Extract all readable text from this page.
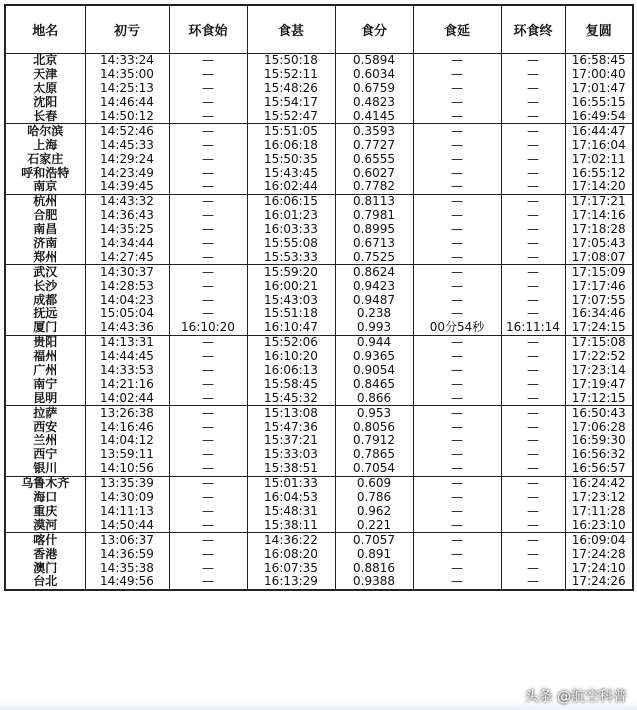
地名	初亏	环食始	食甚	食分	食延	环食终	复圆
北京	14:33:24	—	15:50:18	0.5894	—	—	16:58:45
天津	14:35:00	—	15:52:11	0.6034	—	—	17:00:40
太原	14:25:13	—	15:48:26	0.6759	—	—	17:01:47
沈阳	14:46:44	—	15:54:17	0.4823	—	—	16:55:15
长春	14:50:12	—	15:52:47	0.4145	—	—	16:49:54
哈尔滨	14:52:46	—	15:51:05	0.3593	—	—	16:44:47
上海	14:45:33	—	16:06:18	0.7727	—	—	17:16:04
石家庄	14:29:24	—	15:50:35	0.6555	—	—	17:02:11
呼和浩特	14:23:49	—	15:43:45	0.6027	—	—	16:55:12
南京	14:39:45	—	16:02:44	0.7782	—	—	17:14:20
杭州	14:43:32	—	16:06:15	0.8113	—	—	17:17:21
合肥	14:36:43	—	16:01:23	0.7981	—	—	17:14:16
南昌	14:35:25	—	16:03:33	0.8995	—	—	17:18:28
济南	14:34:44	—	15:55:08	0.6713	—	—	17:05:43
郑州	14:27:45	—	15:53:33	0.7525	—	—	17:08:07
武汉	14:30:37	—	15:59:20	0.8624	—	—	17:15:09
长沙	14:28:53	—	16:00:21	0.9423	—	—	17:17:46
成都	14:04:23	—	15:43:03	0.9487	—	—	17:07:55
抚远	15:05:04	—	15:51:18	0.238	—	—	16:34:46
厦门	14:43:36	16:10:20	16:10:47	0.993	00分54秒	16:11:14	17:24:15
贵阳	14:13:31	—	15:52:06	0.944	—	—	17:15:08
福州	14:44:45	—	16:10:20	0.9365	—	—	17:22:52
广州	14:33:53	—	16:06:13	0.9054	—	—	17:23:14
南宁	14:21:16	—	15:58:45	0.8465	—	—	17:19:47
昆明	14:02:44	—	15:45:32	0.866	—	—	17:12:15
拉萨	13:26:38	—	15:13:08	0.953	—	—	16:50:43
西安	14:16:46	—	15:47:36	0.8056	—	—	17:06:28
兰州	14:04:12	—	15:37:21	0.7912	—	—	16:59:30
西宁	13:59:11	—	15:33:03	0.7865	—	—	16:56:32
银川	14:10:56	—	15:38:51	0.7054	—	—	16:56:57
乌鲁木齐	13:35:39	—	15:01:33	0.609	—	—	16:24:42
海口	14:30:09	—	16:04:53	0.786	—	—	17:23:12
重庆	14:11:13	—	15:48:31	0.962	—	—	17:11:28
漠河	14:50:44	—	15:38:11	0.221	—	—	16:23:10
喀什	13:06:37	—	14:36:22	0.7057	—	—	16:09:04
香港	14:36:59	—	16:08:20	0.891	—	—	17:24:28
澳门	14:35:38	—	16:07:35	0.8816	—	—	17:24:10
台北	14:49:56	—	16:13:29	0.9388	—	—	17:24:26
头条 @航空科普
